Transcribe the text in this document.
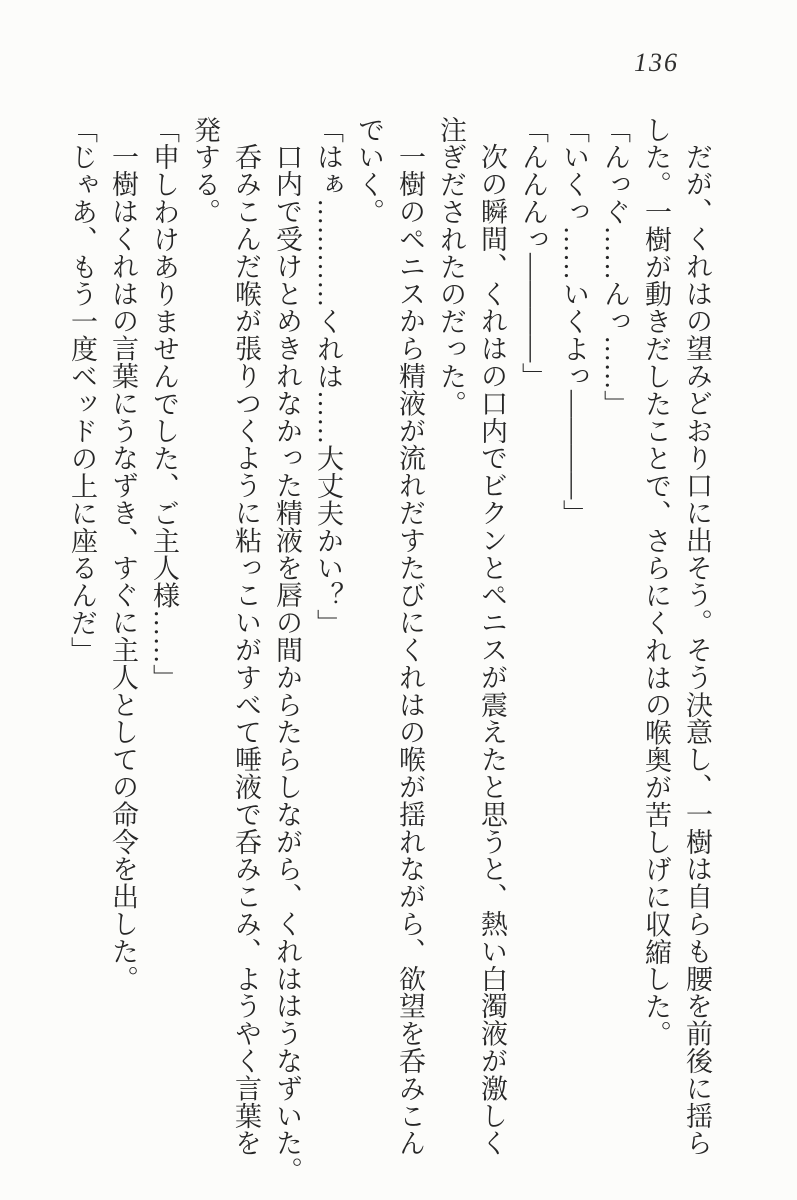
136

だが、くれはの望みどおり口に出そう。そう決意し、一樹は自らも腰を前後に揺ら

した。一樹が動きだしたことで、さらにくれはの喉奥が苦しげに収縮した。

「んっぐ……んっ……」

「いくっ……いくよっ――――」

「んんんっ――――」

次の瞬間、くれはの口内でビクンとペニスが震えたと思うと、熱い白濁液が激しく

注ぎだされたのだった。

一樹のペニスから精液が流れだすたびにくれはの喉が揺れながら、欲望を呑みこん

でいく。

「はぁ…………くれは……大丈夫かい？」

口内で受けとめきれなかった精液を唇の間からたらしながら、くれははうなずいた。

呑みこんだ喉が張りつくように粘っこいがすべて唾液で呑みこみ、ようやく言葉を

発する。

「申しわけありませんでした、ご主人様……」

一樹はくれはの言葉にうなずき、すぐに主人としての命令を出した。

「じゃあ、もう一度ベッドの上に座るんだ」
